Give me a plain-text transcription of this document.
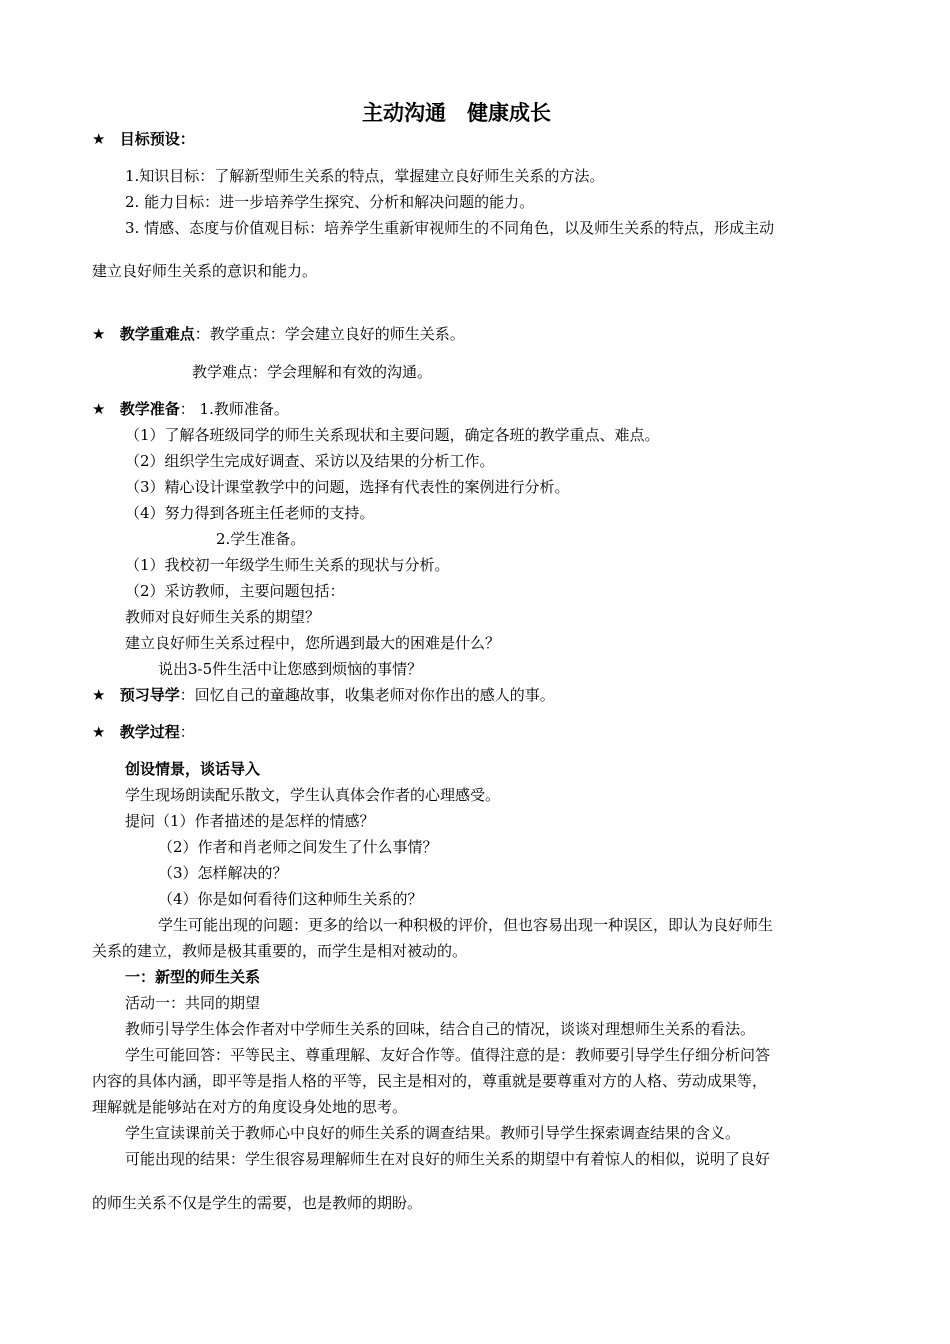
主动沟通　健康成长
★ 目标预设：
1.知识目标：了解新型师生关系的特点，掌握建立良好师生关系的方法。
2. 能力目标：进一步培养学生探究、分析和解决问题的能力。
3. 情感、态度与价值观目标：培养学生重新审视师生的不同角色，以及师生关系的特点，形成主动
建立良好师生关系的意识和能力。
★ 教学重难点：教学重点：学会建立良好的师生关系。
教学难点：学会理解和有效的沟通。
★ 教学准备： 1.教师准备。
（1）了解各班级同学的师生关系现状和主要问题，确定各班的教学重点、难点。
（2）组织学生完成好调查、采访以及结果的分析工作。
（3）精心设计课堂教学中的问题，选择有代表性的案例进行分析。
（4）努力得到各班主任老师的支持。
2.学生准备。
（1）我校初一年级学生师生关系的现状与分析。
（2）采访教师，主要问题包括：
教师对良好师生关系的期望？
建立良好师生关系过程中，您所遇到最大的困难是什么？
说出3-5件生活中让您感到烦恼的事情？
★ 预习导学：回忆自己的童趣故事，收集老师对你作出的感人的事。
★ 教学过程：
创设情景，谈话导入
学生现场朗读配乐散文，学生认真体会作者的心理感受。
提问（1）作者描述的是怎样的情感？
（2）作者和肖老师之间发生了什么事情？
（3）怎样解决的？
（4）你是如何看待们这种师生关系的？
学生可能出现的问题：更多的给以一种积极的评价，但也容易出现一种误区，即认为良好师生
关系的建立，教师是极其重要的，而学生是相对被动的。
一：新型的师生关系
活动一：共同的期望
教师引导学生体会作者对中学师生关系的回味，结合自己的情况，谈谈对理想师生关系的看法。
学生可能回答：平等民主、尊重理解、友好合作等。值得注意的是：教师要引导学生仔细分析问答
内容的具体内涵，即平等是指人格的平等，民主是相对的，尊重就是要尊重对方的人格、劳动成果等，
理解就是能够站在对方的角度设身处地的思考。
学生宣读课前关于教师心中良好的师生关系的调查结果。教师引导学生探索调查结果的含义。
可能出现的结果：学生很容易理解师生在对良好的师生关系的期望中有着惊人的相似，说明了良好
的师生关系不仅是学生的需要，也是教师的期盼。
